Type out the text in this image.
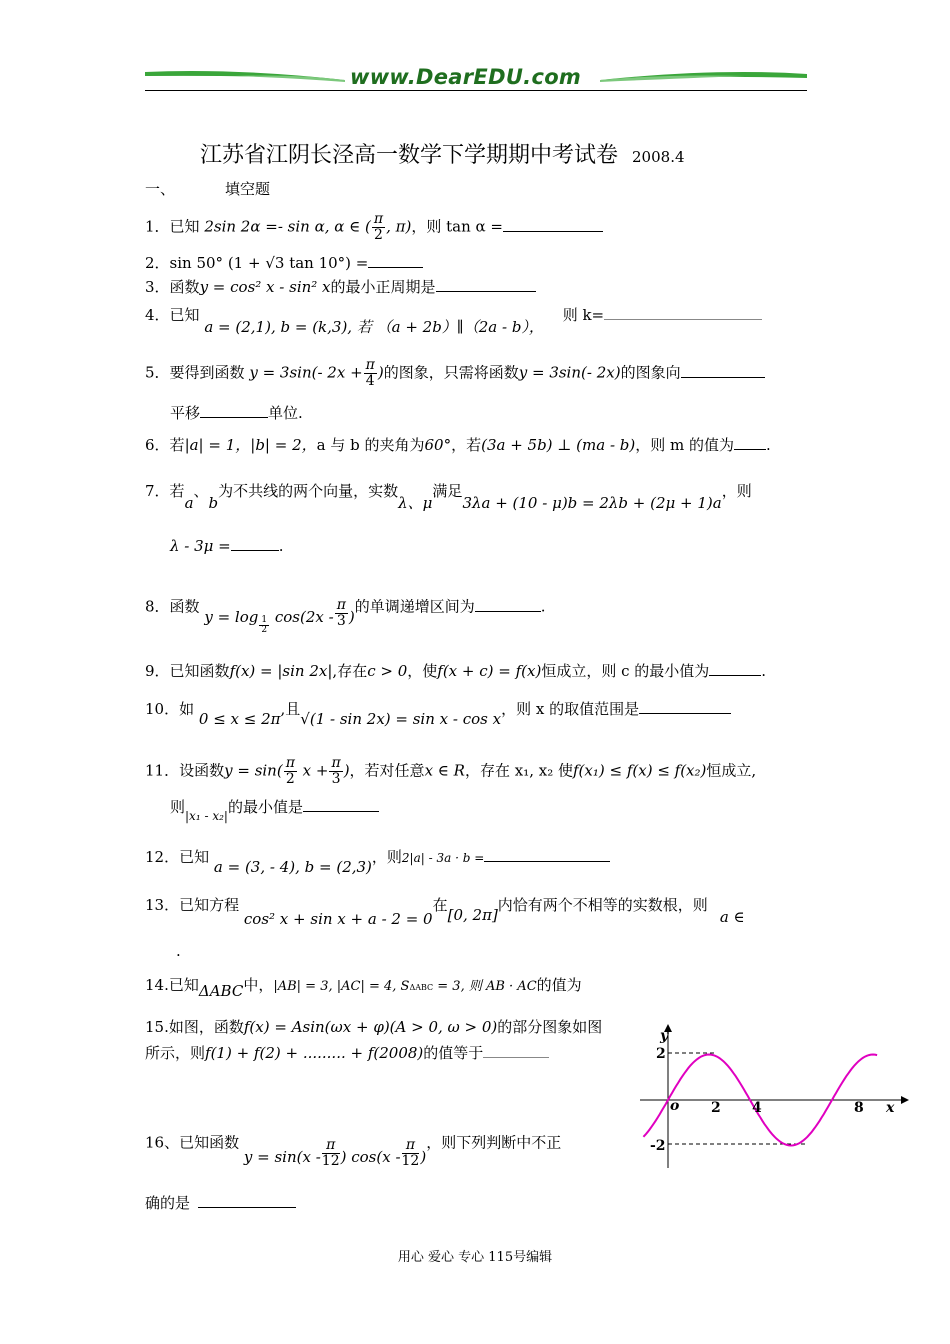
www.DearEDU.com
江苏省江阴长泾高一数学下学期期中考试卷 2008.4
一、	填空题
1．已知 2sin 2α =- sin α, α ∈ ( $\frac{\pi}{2}$ , π)，则 tan α =
2．sin 50° (1 + √3 tan 10°) =
3．函数y = cos² x - sin² x的最小正周期是
4．已知 a = (2,1), b = (k,3), 若 （a + 2b）∥（2a - b）， 则 k=
5．要得到函数 y = 3sin(- $2x + \frac{\pi}{4}$ )的图象，只需将函数y = 3sin(- 2x)的图象向
平移	单位.
6．若|a| = 1，|b| = 2，a 与 b 的夹角为60°，若(3a + 5b) ⊥ (ma - b)，则 m 的值为 .
7．若a、b为不共线的两个向量，实数λ、μ满足3λa + (10 - μ)b = 2λb + (2μ + 1)a，则
λ - 3μ =	.
8．函数 $y = \log \frac{1}{2} \cos(2x - \frac{\pi}{3}$ )的单调递增区间为	.
9．已知函数f(x) = |sin 2x|,存在c > 0，使f(x + c) = f(x)恒成立，则 c 的最小值为	.
10．如 0 ≤ x ≤ 2π,且√(1 - sin 2x) = sin x - cos x，则 x 的取值范围是
11．设函数$y = \sin( \frac{\pi}{2}$ $x + \frac{\pi}{3}$ )，若对任意x ∈ R，存在 x₁, x₂ 使f(x₁) ≤ f(x) ≤ f(x₂)恒成立,
则$_{|x_1 - x_2|}$的最小值是
12．已知 a = (3, - 4), b = (2,3)，则2|a| - 3a · b =
13．已知方程 cos² x + sin x + a - 2 = 0在[0, 2π]内恰有两个不相等的实数根，则a ∈
.
14.已知ΔABC中，|AB| = 3, |AC| = 4, SΔABC = 3, 则 AB · AC的值为
15.如图，函数f(x) = Asin(ωx + φ)(A > 0, ω > 0)的部分图象如图
所示，则f(1) + f(2) + ......... + f(2008)的值等于
y
x
o 2 4	8
2
-2
16、已知函数 $y = \sin(x - \frac{\pi}{12}$ ) $\cos(x - \frac{\pi}{12}$ )，则下列判断中不正
确的是
用心 爱心 专心 115号编辑
